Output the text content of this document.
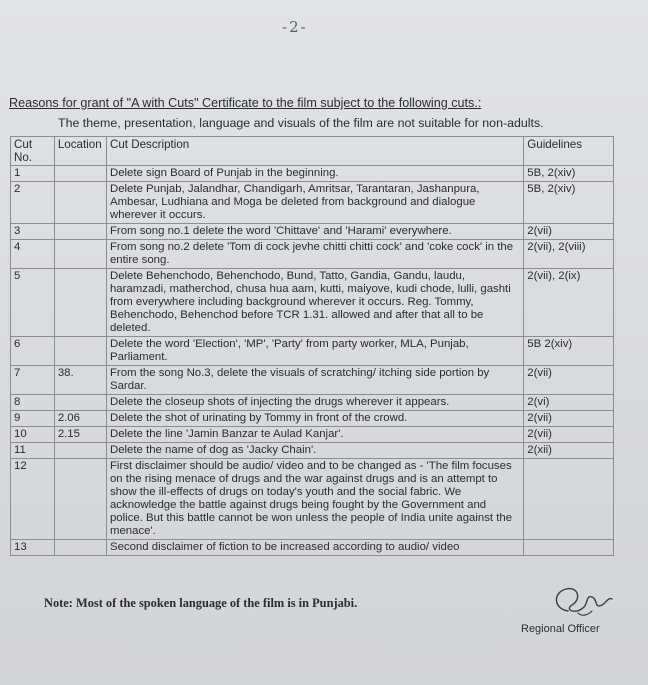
-2-
Reasons for grant of "A with Cuts" Certificate to the film subject to the following cuts.:
The theme, presentation, language and visuals of the film are not suitable for non-adults.
Cut No.	Location	Cut Description	Guidelines
1		Delete sign Board of Punjab in the beginning.	5B, 2(xiv)
2		Delete Punjab, Jalandhar, Chandigarh, Amritsar, Tarantaran, Jashanpura, Ambesar, Ludhiana and Moga be deleted from background and dialogue wherever it occurs.	5B, 2(xiv)
3		From song no.1 delete the word 'Chittave' and 'Harami' everywhere.	2(vii)
4		From song no.2 delete 'Tom di cock jevhe chitti chitti cock' and 'coke cock' in the entire song.	2(vii), 2(viii)
5		Delete Behenchodo, Behenchodo, Bund, Tatto, Gandia, Gandu, laudu, haramzadi, matherchod, chusa hua aam, kutti, maiyove, kudi chode, lulli, gashti from everywhere including background wherever it occurs. Reg. Tommy, Behenchodo, Behenchod before TCR 1.31. allowed and after that all to be deleted.	2(vii), 2(ix)
6		Delete the word 'Election', 'MP', 'Party' from party worker, MLA, Punjab, Parliament.	5B 2(xiv)
7	38.	From the song No.3, delete the visuals of scratching/ itching side portion by Sardar.	2(vii)
8		Delete the closeup shots of injecting the drugs wherever it appears.	2(vi)
9	2.06	Delete the shot of urinating by Tommy in front of the crowd.	2(vii)
10	2.15	Delete the line 'Jamin Banzar te Aulad Kanjar'.	2(vii)
11		Delete the name of dog as 'Jacky Chain'.	2(xii)
12		First disclaimer should be audio/ video and to be changed as - 'The film focuses on the rising menace of drugs and the war against drugs and is an attempt to show the ill-effects of drugs on today's youth and the social fabric. We acknowledge the battle against drugs being fought by the Government and police. But this battle cannot be won unless the people of India unite against the menace'.	
13		Second disclaimer of fiction to be increased according to audio/ video	
Note: Most of the spoken language of the film is in Punjabi.
Regional Officer
